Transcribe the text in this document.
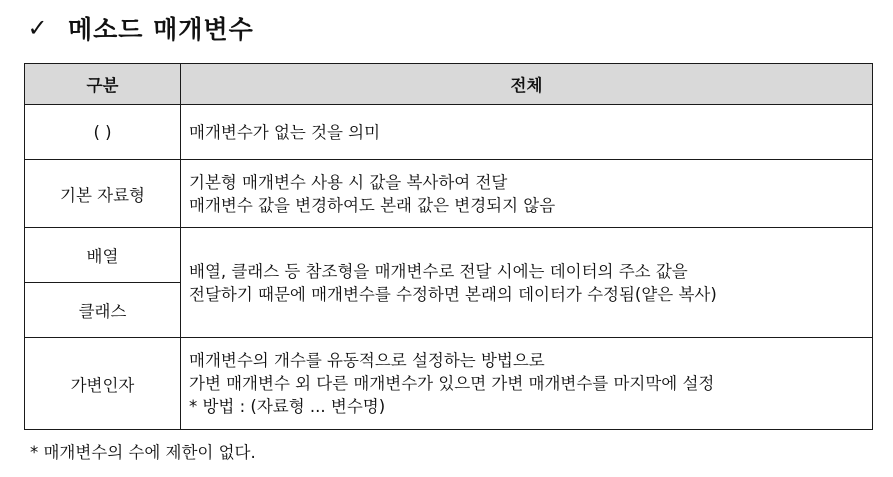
✓ 메소드 매개변수
구분	전체
( )	매개변수가 없는 것을 의미

기본 자료형	기본형 매개변수 사용 시 값을 복사하여 전달
매개변수 값을 변경하여도 본래 값은 변경되지 않음

배열	배열, 클래스 등 참조형을 매개변수로 전달 시에는 데이터의 주소 값을
전달하기 때문에 매개변수를 수정하면 본래의 데이터가 수정됨(얕은 복사)

클래스	
가변인자	매개변수의 개수를 유동적으로 설정하는 방법으로
가변 매개변수 외 다른 매개변수가 있으면 가변 매개변수를 마지막에 설정
* 방법 : (자료형 ... 변수명)
* 매개변수의 수에 제한이 없다.
